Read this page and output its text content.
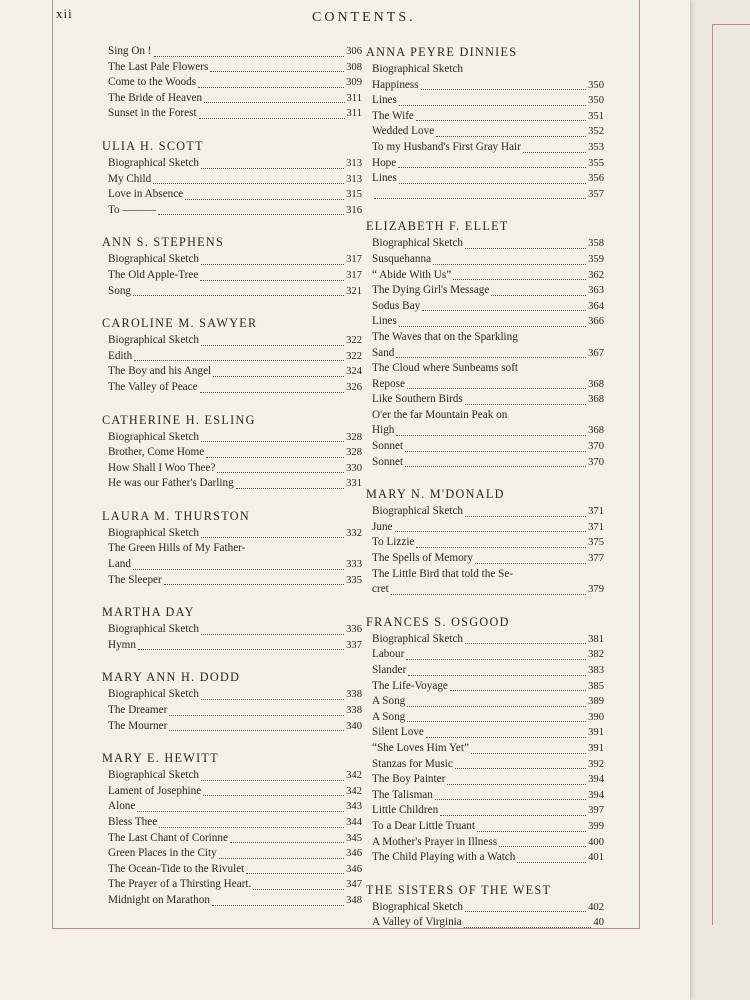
xii	CONTENTS.
Sing On !	306
The Last Pale Flowers	308
Come to the Woods	309
The Bride of Heaven	311
Sunset in the Forest	311
ULIA H. SCOTT
Biographical Sketch	313
My Child	313
Love in Absence	315
To ———	316
ANN S. STEPHENS
Biographical Sketch	317
The Old Apple-Tree	317
Song	321
CAROLINE M. SAWYER
Biographical Sketch	322
Edith	322
The Boy and his Angel	324
The Valley of Peace	326
CATHERINE H. ESLING
Biographical Sketch	328
Brother, Come Home	328
How Shall I Woo Thee?	330
He was our Father's Darling	331
LAURA M. THURSTON
Biographical Sketch	332
The Green Hills of My Father-
Land	333
The Sleeper	335
MARTHA DAY
Biographical Sketch	336
Hymn	337
MARY ANN H. DODD
Biographical Sketch	338
The Dreamer	338
The Mourner	340
MARY E. HEWITT
Biographical Sketch	342
Lament of Josephine	342
Alone	343
Bless Thee	344
The Last Chant of Corinne	345
Green Places in the City	346
The Ocean-Tide to the Rivulet	346
The Prayer of a Thirsting Heart.	347
Midnight on Marathon	348
ANNA PEYRE DINNIES
Biographical Sketch
Happiness	350
Lines	350
The Wife	351
Wedded Love	352
To my Husband's First Gray Hair	353
Hope	355
Lines	356
357
ELIZABETH F. ELLET
Biographical Sketch	358
Susquehanna	359
“ Abide With Us”	362
The Dying Girl's Message	363
Sodus Bay	364
Lines	366
The Waves that on the Sparkling
Sand	367
The Cloud where Sunbeams soft
Repose	368
Like Southern Birds	368
O'er the far Mountain Peak on
High	368
Sonnet	370
Sonnet	370
MARY N. M'DONALD
Biographical Sketch	371
June	371
To Lizzie	375
The Spells of Memory	377
The Little Bird that told the Se-
cret	379
FRANCES S. OSGOOD
Biographical Sketch	381
Labour	382
Slander	383
The Life-Voyage	385
A Song	389
A Song	390
Silent Love	391
“She Loves Him Yet”	391
Stanzas for Music	392
The Boy Painter	394
The Talisman	394
Little Children	397
To a Dear Little Truant	399
A Mother's Prayer in Illness	400
The Child Playing with a Watch	401
THE SISTERS OF THE WEST
Biographical Sketch	402
A Valley of Virginia	40
